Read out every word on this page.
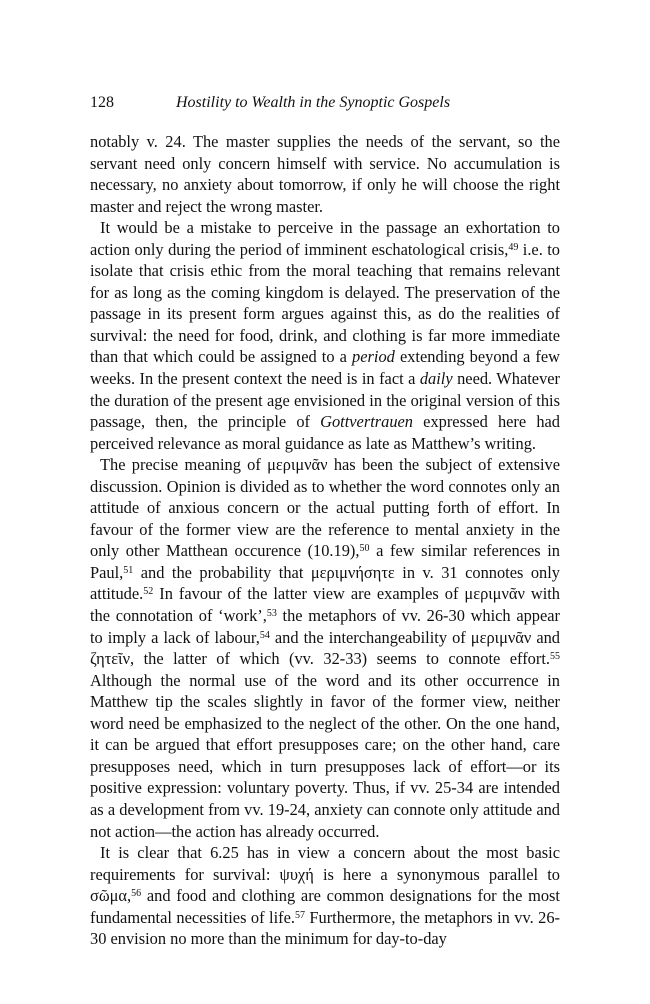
128	Hostility to Wealth in the Synoptic Gospels

notably v. 24. The master supplies the needs of the servant, so the servant need only concern himself with service. No accumulation is necessary, no anxiety about tomorrow, if only he will choose the right master and reject the wrong master.

It would be a mistake to perceive in the passage an exhortation to action only during the period of imminent eschatological crisis,$^{49}$ i.e. to isolate that crisis ethic from the moral teaching that remains relevant for as long as the coming kingdom is delayed. The preservation of the passage in its present form argues against this, as do the realities of survival: the need for food, drink, and clothing is far more immediate than that which could be assigned to a period extending beyond a few weeks. In the present context the need is in fact a daily need. Whatever the duration of the present age envisioned in the original version of this passage, then, the principle of Gottvertrauen expressed here had perceived relevance as moral guidance as late as Matthew’s writing.

The precise meaning of μεριμνᾶν has been the subject of extensive discussion. Opinion is divided as to whether the word connotes only an attitude of anxious concern or the actual putting forth of effort. In favour of the former view are the reference to mental anxiety in the only other Matthean occurence (10.19),$^{50}$ a few similar references in Paul,$^{51}$ and the probability that μεριμνήσητε in v. 31 connotes only attitude.$^{52}$ In favour of the latter view are examples of μεριμνᾶν with the connotation of ‘work’,$^{53}$ the metaphors of vv. 26-30 which appear to imply a lack of labour,$^{54}$ and the interchangeability of μεριμνᾶν and ζητεῖν, the latter of which (vv. 32-33) seems to connote effort.$^{55}$ Although the normal use of the word and its other occurrence in Matthew tip the scales slightly in favor of the former view, neither word need be emphasized to the neglect of the other. On the one hand, it can be argued that effort presupposes care; on the other hand, care presupposes need, which in turn presupposes lack of effort—or its positive expression: voluntary poverty. Thus, if vv. 25-34 are intended as a development from vv. 19-24, anxiety can connote only attitude and not action—the action has already occurred.

It is clear that 6.25 has in view a concern about the most basic requirements for survival: ψυχή is here a synonymous parallel to σῶμα,$^{56}$ and food and clothing are common designations for the most fundamental necessities of life.$^{57}$ Furthermore, the metaphors in vv. 26-30 envision no more than the minimum for day-to-day
